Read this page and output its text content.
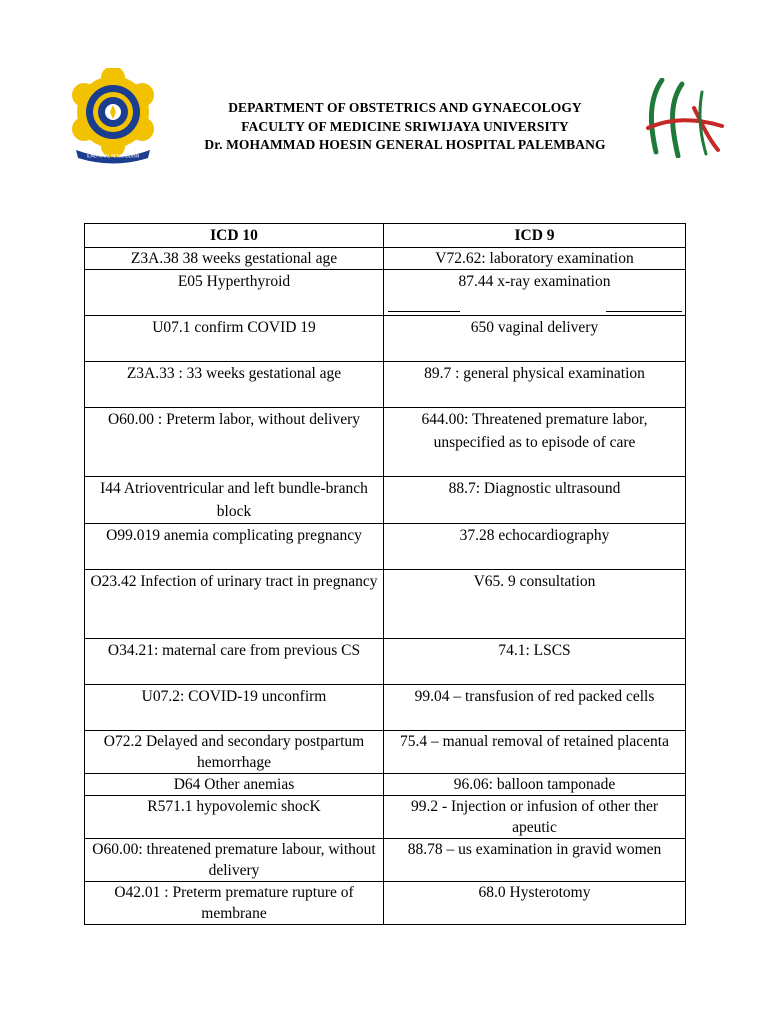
ILMU AMAL PENGABDIAN
DEPARTMENT OF OBSTETRICS AND GYNAECOLOGY
FACULTY OF MEDICINE SRIWIJAYA UNIVERSITY
Dr. MOHAMMAD HOESIN GENERAL HOSPITAL PALEMBANG
ICD 10	ICD 9
Z3A.38 38 weeks gestational age	V72.62: laboratory examination
E05 Hyperthyroid	87.44 x-ray examination
U07.1 confirm COVID 19	650 vaginal delivery
Z3A.33 : 33 weeks gestational age	89.7 : general physical examination
O60.00 : Preterm labor, without delivery	644.00: Threatened premature labor, unspecified as to episode of care
I44 Atrioventricular and left bundle-branch block	88.7: Diagnostic ultrasound
O99.019 anemia complicating pregnancy	37.28 echocardiography
O23.42 Infection of urinary tract in pregnancy	V65. 9 consultation
O34.21: maternal care from previous CS	74.1: LSCS
U07.2: COVID-19 unconfirm	99.04 – transfusion of red packed cells
O72.2 Delayed and secondary postpartum hemorrhage	75.4 – manual removal of retained placenta
D64 Other anemias	96.06: balloon tamponade
R571.1 hypovolemic shocK	99.2 - Injection or infusion of other ther apeutic
O60.00: threatened premature labour, without delivery	88.78 – us examination in gravid women
O42.01 : Preterm premature rupture of membrane	68.0 Hysterotomy
